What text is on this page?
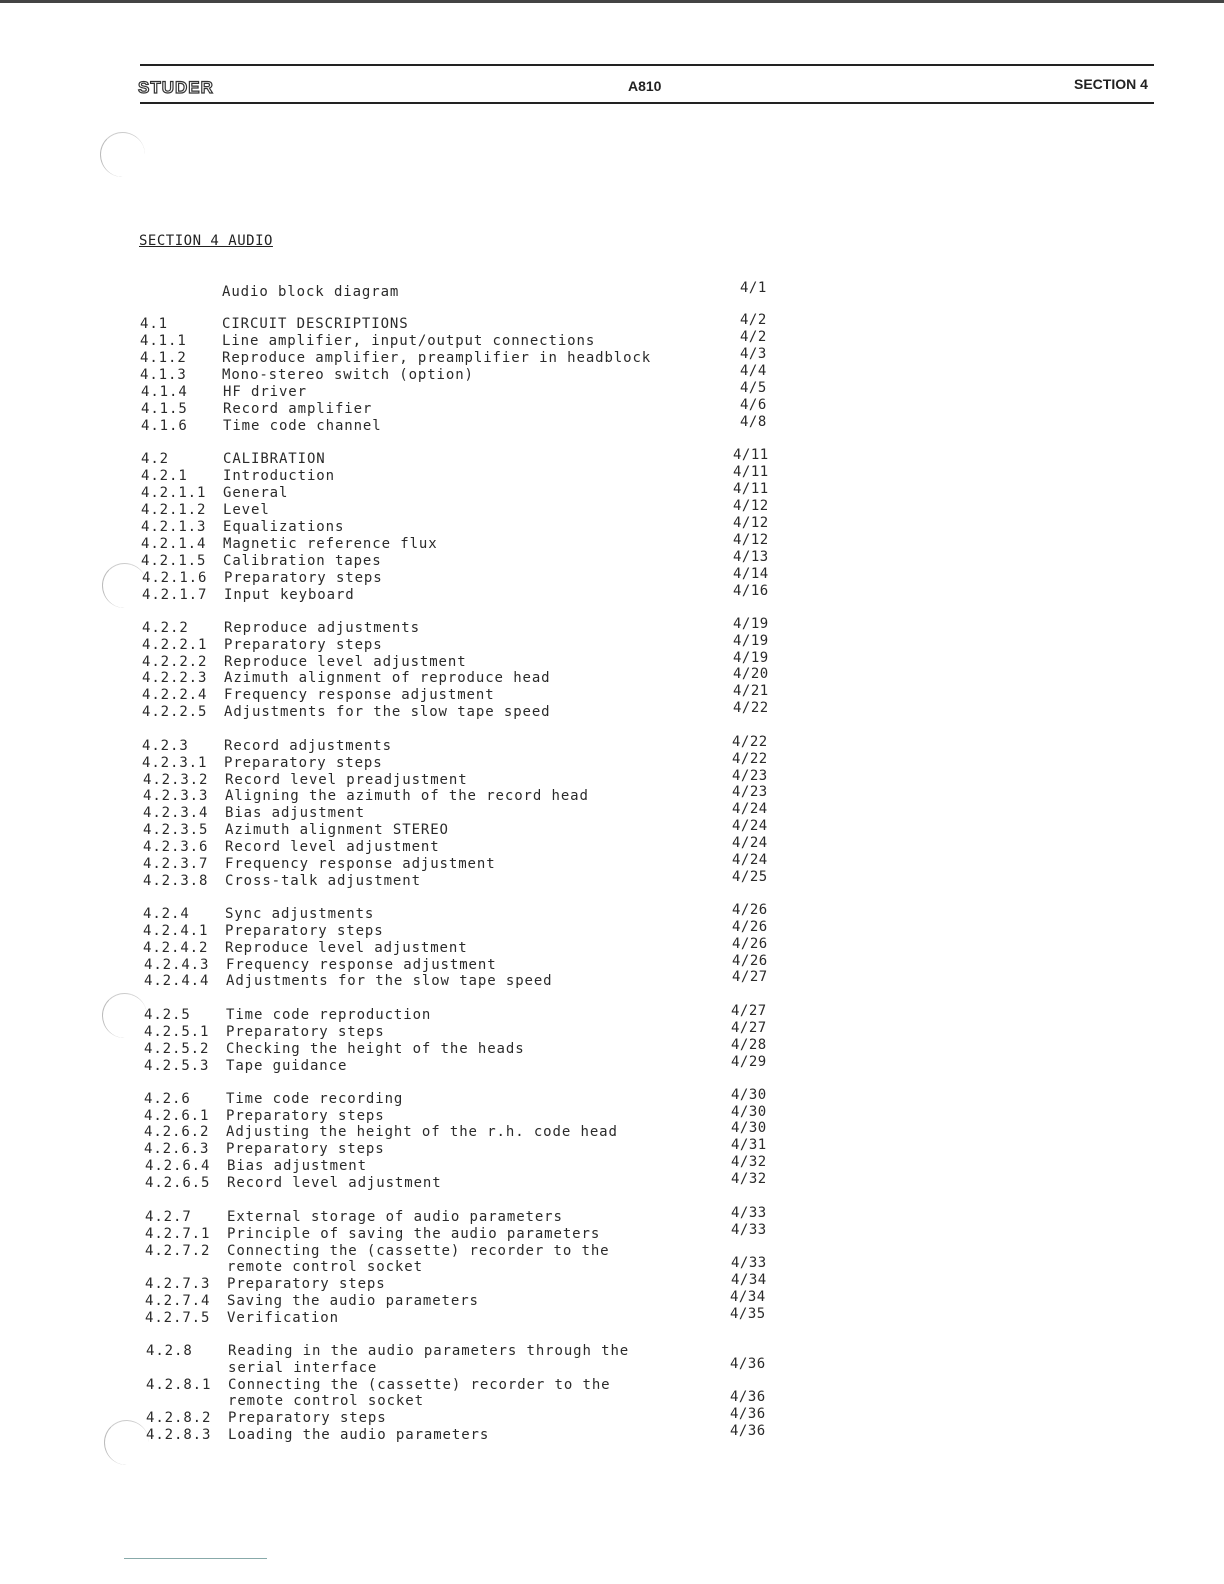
STUDER	A810	SECTION 4
SECTION 4 AUDIO
Audio block diagram	4/1
4.1	CIRCUIT DESCRIPTIONS	4/2
4.1.1	Line amplifier, input/output connections	4/2
4.1.2	Reproduce amplifier, preamplifier in headblock	4/3
4.1.3	Mono-stereo switch (option)	4/4
4.1.4	HF driver	4/5
4.1.5	Record amplifier	4/6
4.1.6	Time code channel	4/8
4.2	CALIBRATION	4/11
4.2.1	Introduction	4/11
4.2.1.1 General	4/11
4.2.1.2 Level	4/12
4.2.1.3 Equalizations	4/12
4.2.1.4 Magnetic reference flux	4/12
4.2.1.5 Calibration tapes	4/13
4.2.1.6 Preparatory steps	4/14
4.2.1.7 Input keyboard	4/16
4.2.2	Reproduce adjustments	4/19
4.2.2.1 Preparatory steps	4/19
4.2.2.2 Reproduce level adjustment	4/19
4.2.2.3 Azimuth alignment of reproduce head	4/20
4.2.2.4 Frequency response adjustment	4/21
4.2.2.5 Adjustments for the slow tape speed	4/22
4.2.3	Record adjustments	4/22
4.2.3.1 Preparatory steps	4/22
4.2.3.2 Record level preadjustment	4/23
4.2.3.3 Aligning the azimuth of the record head	4/23
4.2.3.4 Bias adjustment	4/24
4.2.3.5 Azimuth alignment STEREO	4/24
4.2.3.6 Record level adjustment	4/24
4.2.3.7 Frequency response adjustment	4/24
4.2.3.8 Cross-talk adjustment	4/25
4.2.4	Sync adjustments	4/26
4.2.4.1 Preparatory steps	4/26
4.2.4.2 Reproduce level adjustment	4/26
4.2.4.3 Frequency response adjustment	4/26
4.2.4.4 Adjustments for the slow tape speed	4/27
4.2.5	Time code reproduction	4/27
4.2.5.1 Preparatory steps	4/27
4.2.5.2 Checking the height of the heads	4/28
4.2.5.3 Tape guidance	4/29
4.2.6	Time code recording	4/30
4.2.6.1 Preparatory steps	4/30
4.2.6.2 Adjusting the height of the r.h. code head	4/30
4.2.6.3 Preparatory steps	4/31
4.2.6.4 Bias adjustment	4/32
4.2.6.5 Record level adjustment	4/32
4.2.7	External storage of audio parameters	4/33
4.2.7.1 Principle of saving the audio parameters	4/33
4.2.7.2 Connecting the (cassette) recorder to the
remote control socket	4/33
4.2.7.3 Preparatory steps	4/34
4.2.7.4 Saving the audio parameters	4/34
4.2.7.5 Verification	4/35
4.2.8	Reading in the audio parameters through the
serial interface	4/36
4.2.8.1 Connecting the (cassette) recorder to the
remote control socket	4/36
4.2.8.2 Preparatory steps	4/36
4.2.8.3 Loading the audio parameters	4/36
